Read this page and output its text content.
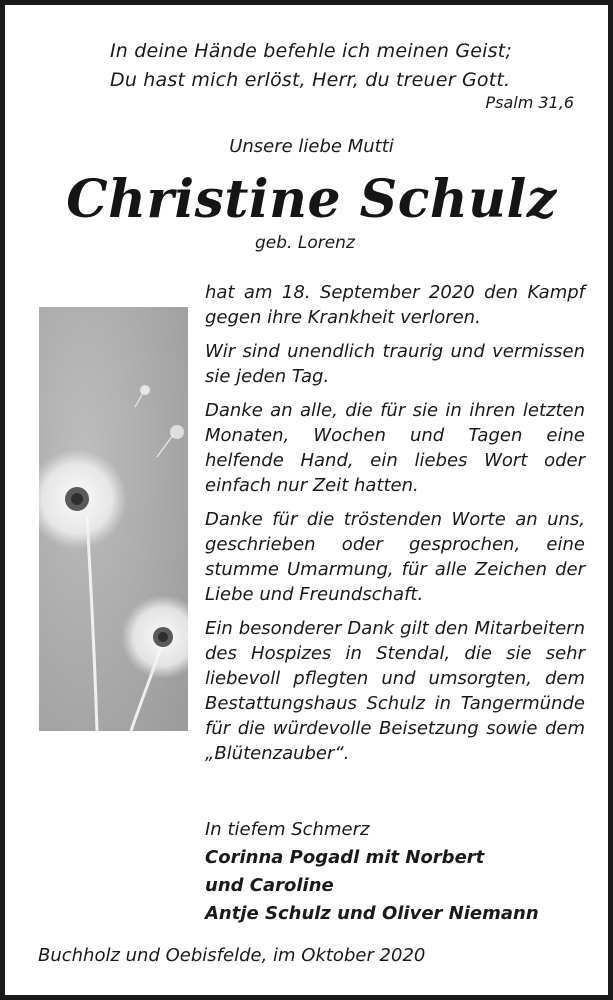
In deine Hände befehle ich meinen Geist;
Du hast mich erlöst, Herr, du treuer Gott.
Psalm 31,6
Unsere liebe Mutti
Christine Schulz
geb. Lorenz

hat am 18. September 2020 den Kampf gegen ihre Krankheit verloren.

Wir sind unendlich traurig und vermissen sie jeden Tag.

Danke an alle, die für sie in ihren letzten Monaten, Wochen und Tagen eine helfende Hand, ein liebes Wort oder einfach nur Zeit hatten.

Danke für die tröstenden Worte an uns, geschrieben oder gesprochen, eine stumme Umarmung, für alle Zeichen der Liebe und Freundschaft.

Ein besonderer Dank gilt den Mitarbeitern des Hospizes in Stendal, die sie sehr liebevoll pflegten und umsorgten, dem Bestattungshaus Schulz in Tangermünde für die würdevolle Beisetzung sowie dem „Blütenzauber“.

In tiefem Schmerz
Corinna Pogadl mit Norbert
und Caroline
Antje Schulz und Oliver Niemann
Buchholz und Oebisfelde, im Oktober 2020
